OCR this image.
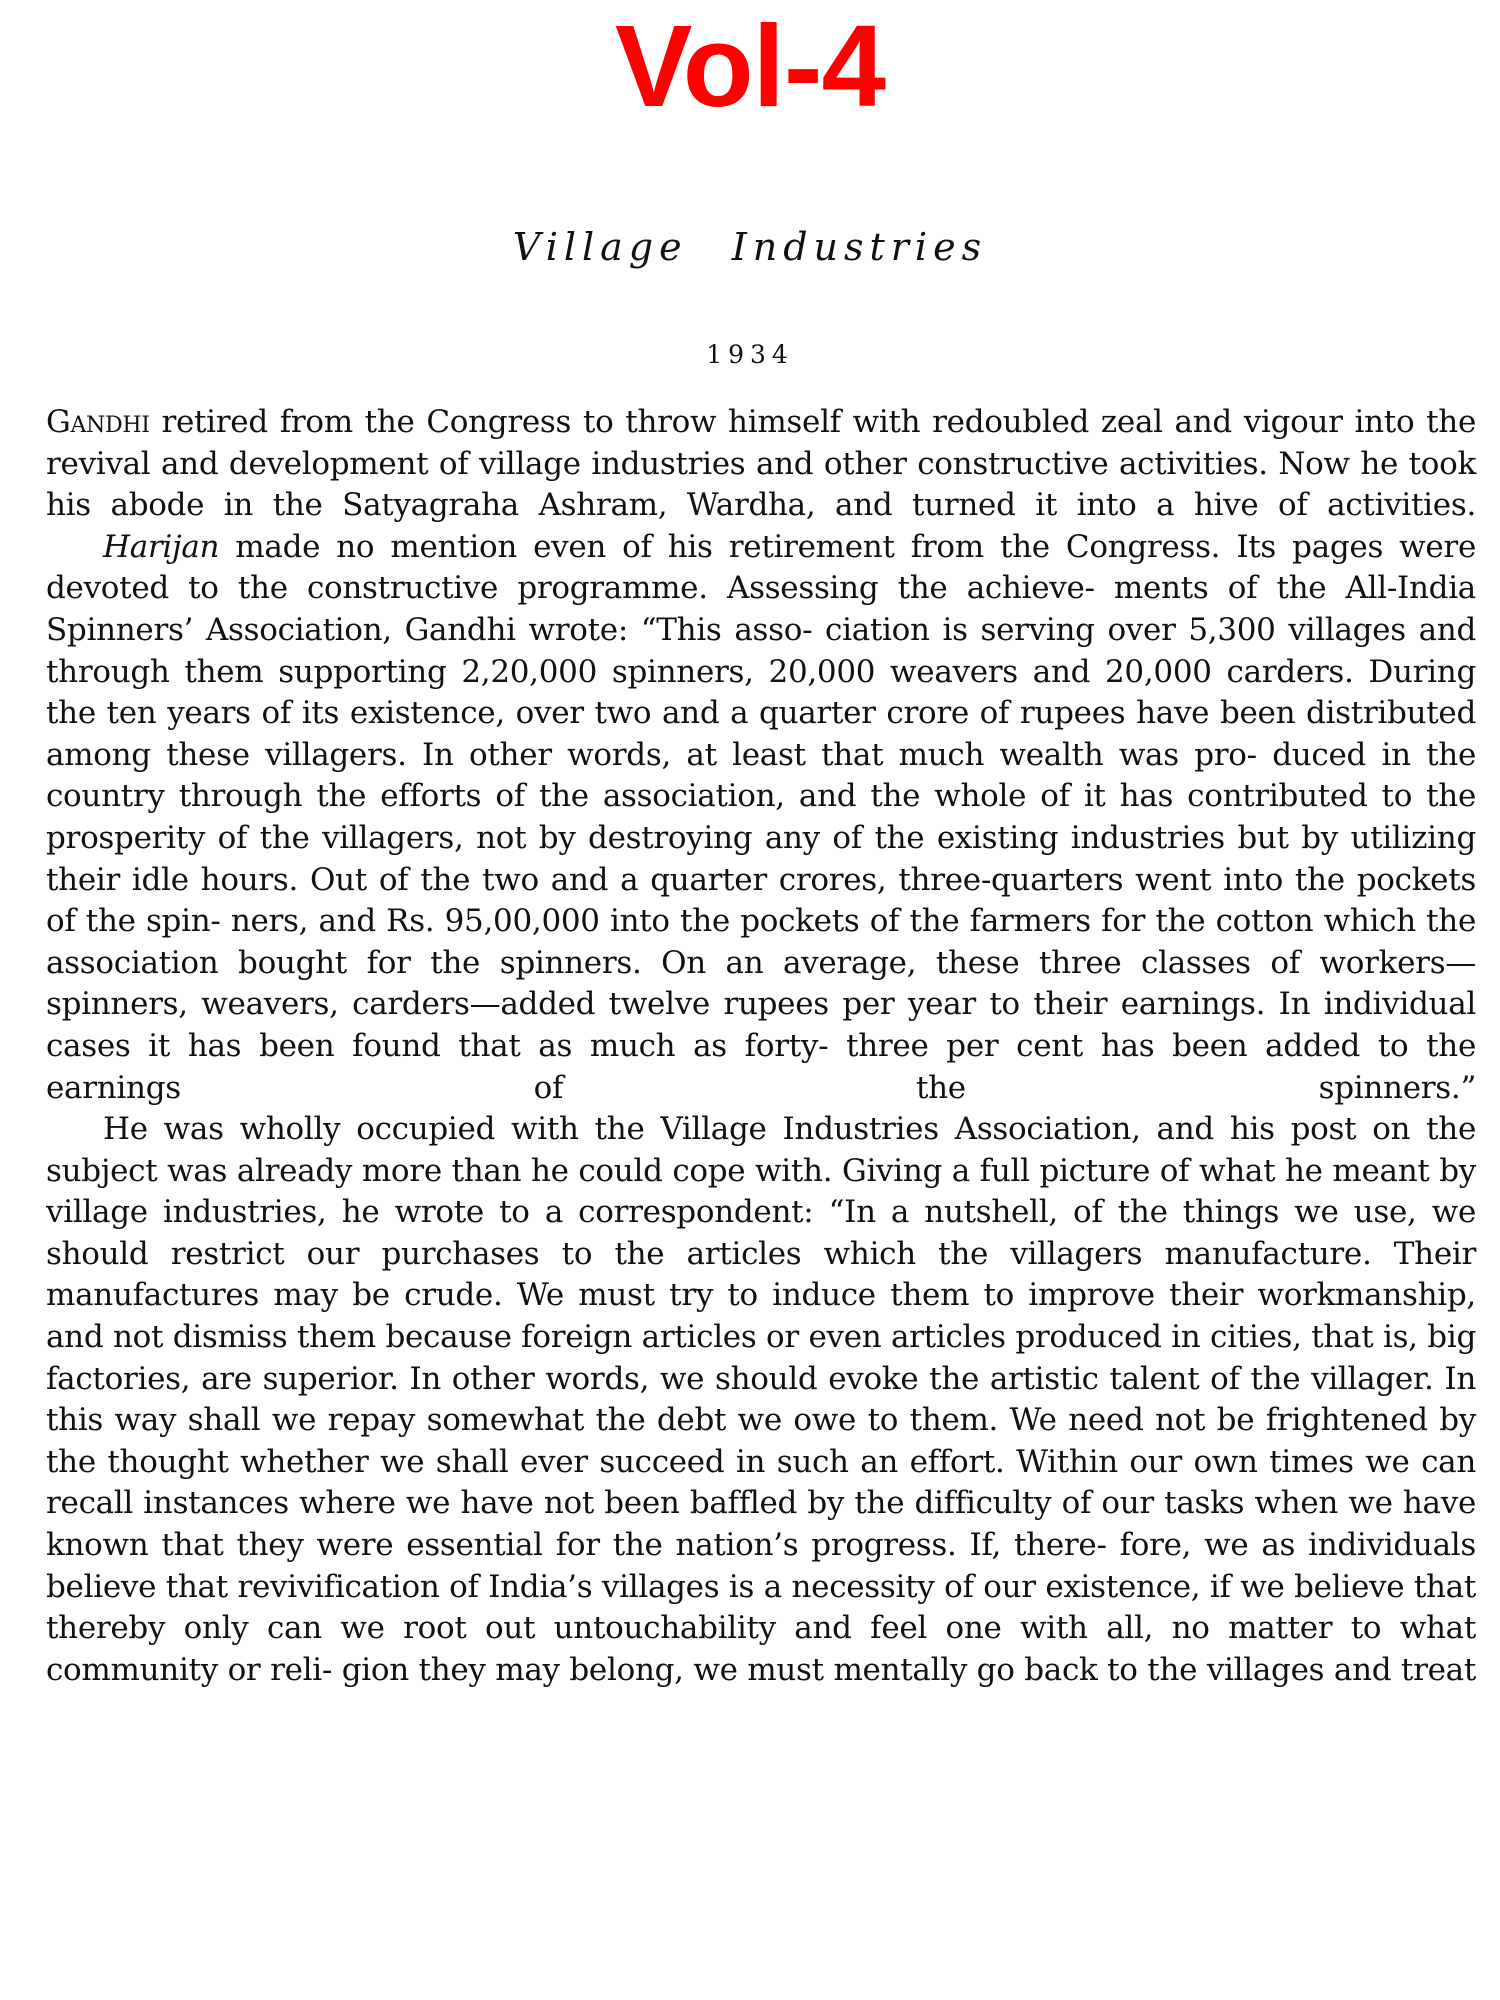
Vol-4
Village Industries
1934

Gandhi retired from the Congress to throw himself with redoubled zeal and vigour into the revival and development of village industries and other constructive activities. Now he took his abode in the Satyagraha Ashram, Wardha, and turned it into a hive of activities.

Harijan made no mention even of his retirement from the Congress. Its pages were devoted to the constructive programme. Assessing the achieve- ments of the All-India Spinners’ Association, Gandhi wrote: “This asso- ciation is serving over 5,300 villages and through them supporting 2,20,000 spinners, 20,000 weavers and 20,000 carders. During the ten years of its existence, over two and a quarter crore of rupees have been distributed among these villagers. In other words, at least that much wealth was pro- duced in the country through the efforts of the association, and the whole of it has contributed to the prosperity of the villagers, not by destroying any of the existing industries but by utilizing their idle hours. Out of the two and a quarter crores, three-quarters went into the pockets of the spin- ners, and Rs. 95,00,000 into the pockets of the farmers for the cotton which the association bought for the spinners. On an average, these three classes of workers—spinners, weavers, carders—added twelve rupees per year to their earnings. In individual cases it has been found that as much as forty- three per cent has been added to the earnings of the spinners.”

He was wholly occupied with the Village Industries Association, and his post on the subject was already more than he could cope with. Giving a full picture of what he meant by village industries, he wrote to a correspondent: “In a nutshell, of the things we use, we should restrict our purchases to the articles which the villagers manufacture. Their manufactures may be crude. We must try to induce them to improve their workmanship, and not dismiss them because foreign articles or even articles produced in cities, that is, big factories, are superior. In other words, we should evoke the artistic talent of the villager. In this way shall we repay somewhat the debt we owe to them. We need not be frightened by the thought whether we shall ever succeed in such an effort. Within our own times we can recall instances where we have not been baffled by the difficulty of our tasks when we have known that they were essential for the nation’s progress. If, there- fore, we as individuals believe that revivification of India’s villages is a necessity of our existence, if we believe that thereby only can we root out untouchability and feel one with all, no matter to what community or reli- gion they may belong, we must mentally go back to the villages and treat
